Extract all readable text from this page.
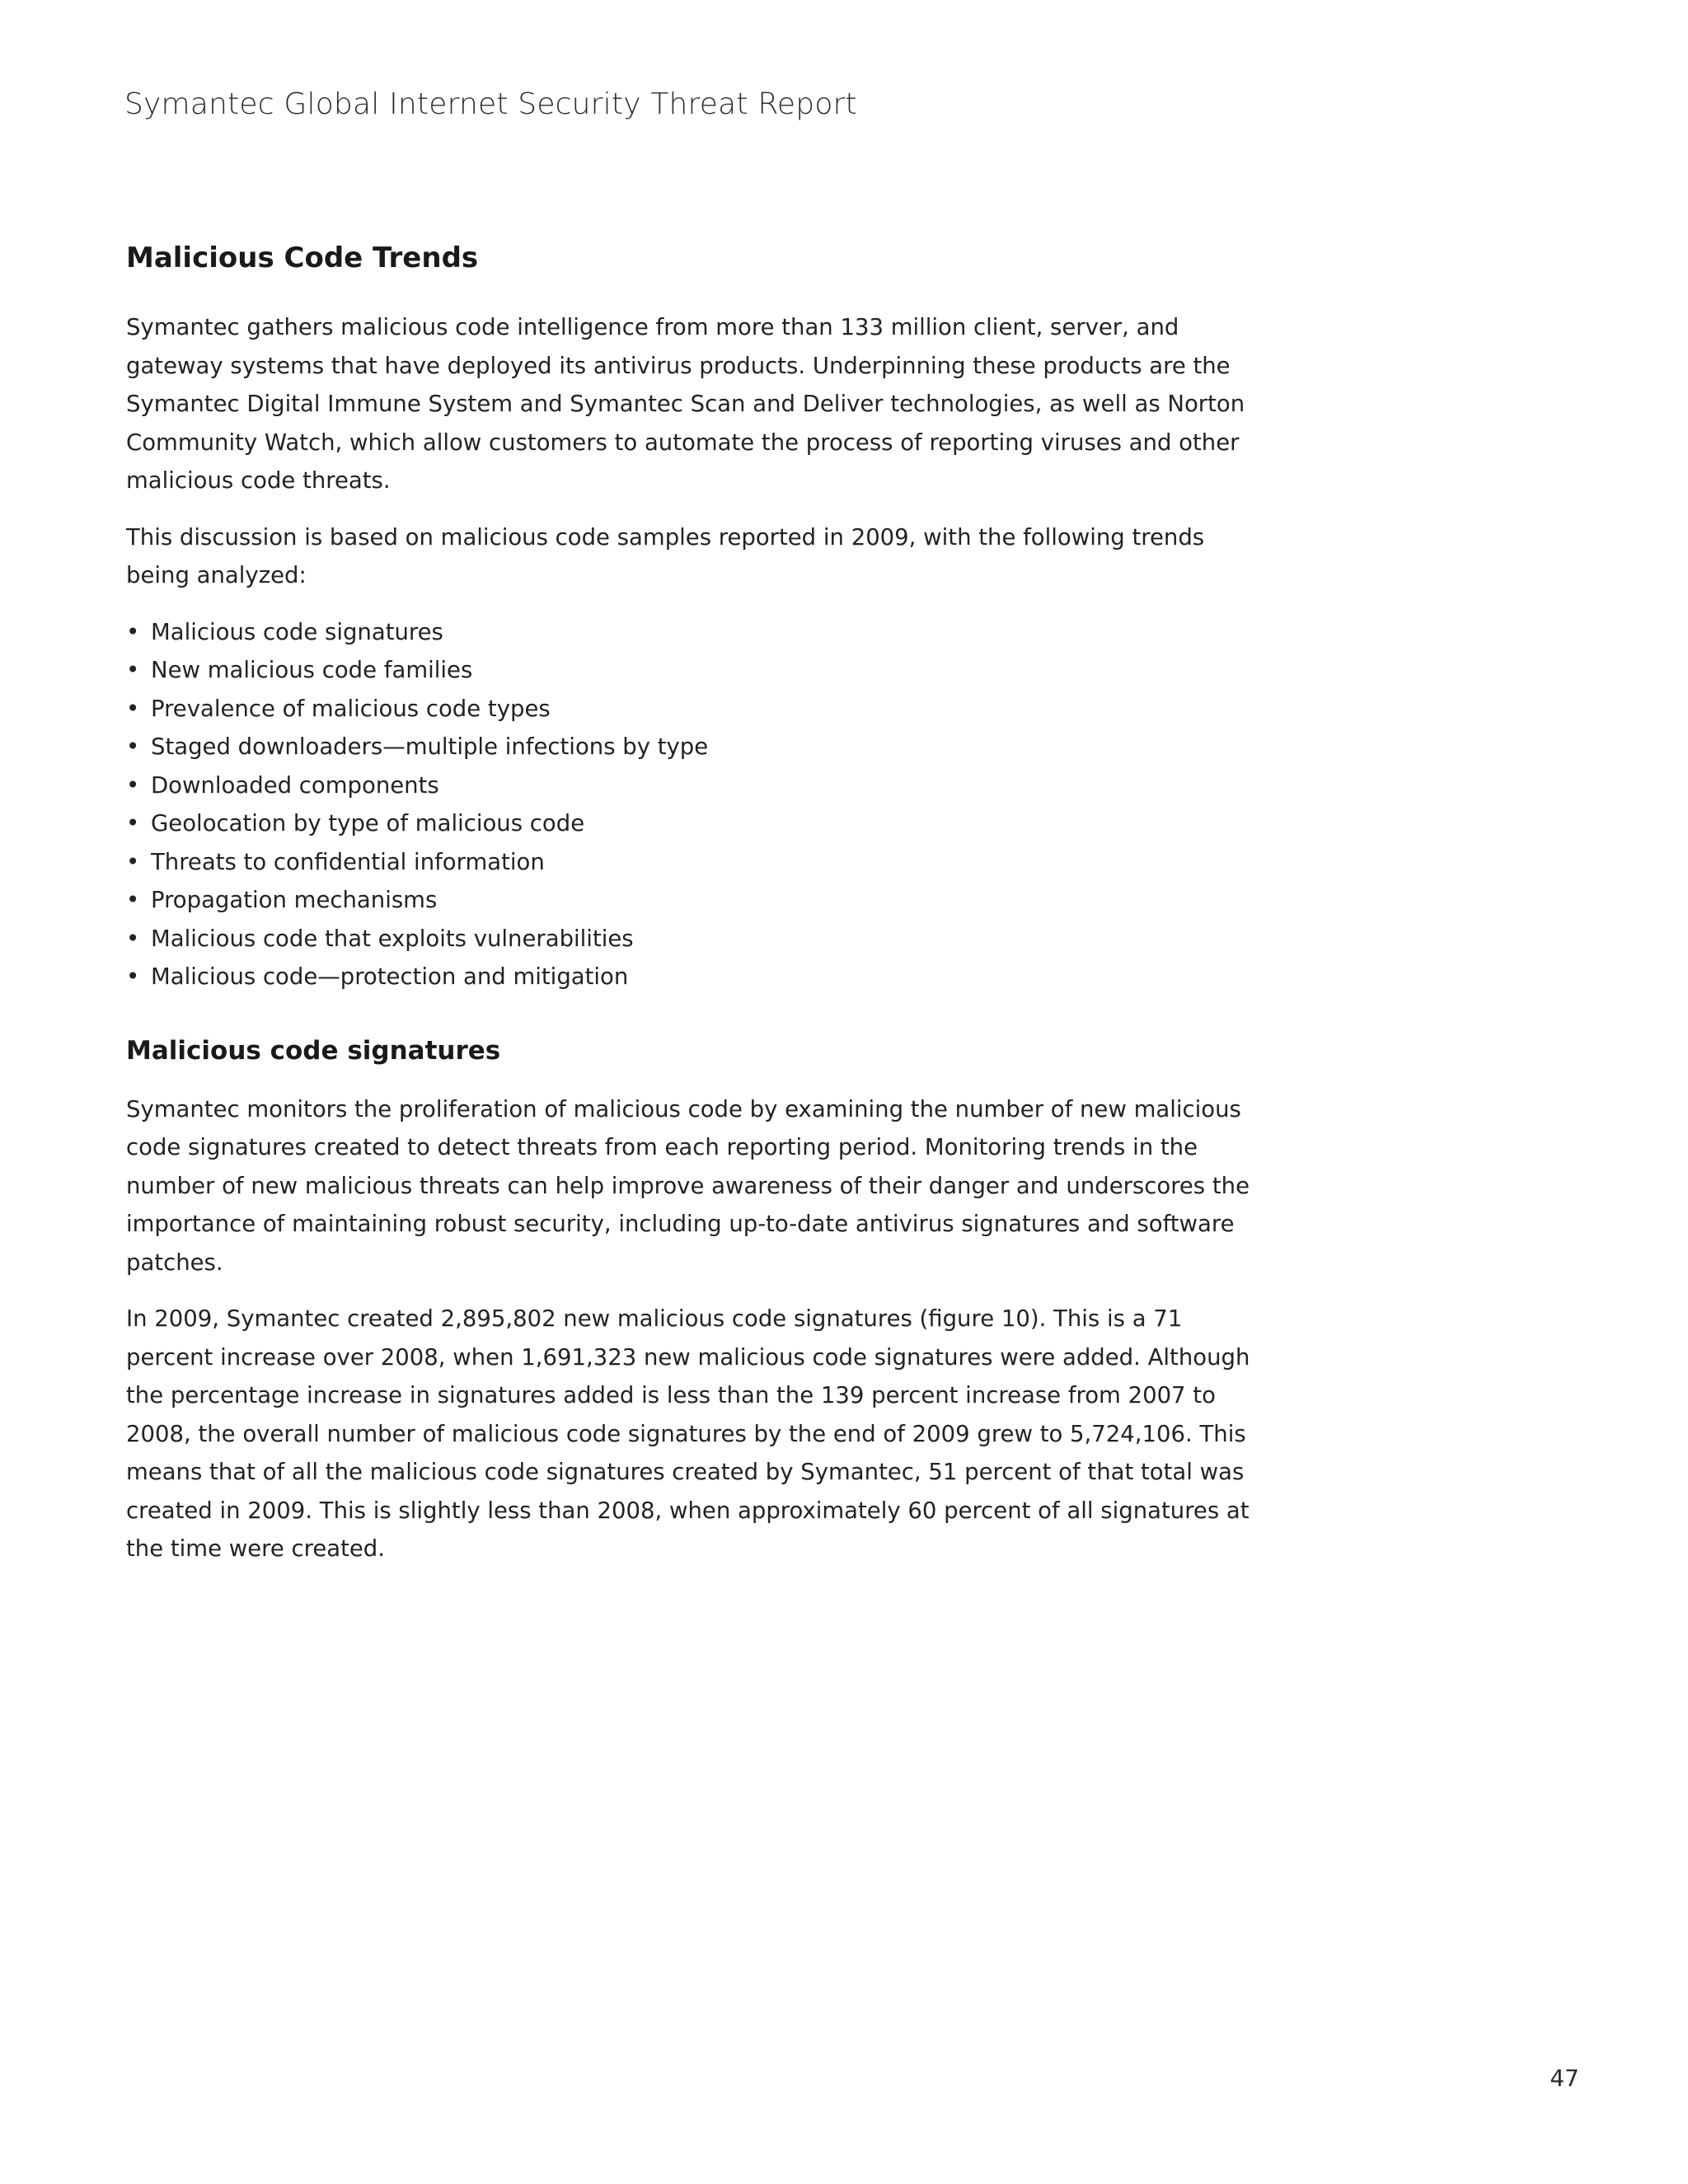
Symantec Global Internet Security Threat Report
Malicious Code Trends

Symantec gathers malicious code intelligence from more than 133 million client, server, and gateway systems that have deployed its antivirus products. Underpinning these products are the Symantec Digital Immune System and Symantec Scan and Deliver technologies, as well as Norton Community Watch, which allow customers to automate the process of reporting viruses and other malicious code threats.

This discussion is based on malicious code samples reported in 2009, with the following trends being analyzed:

• Malicious code signatures
• New malicious code families
• Prevalence of malicious code types
• Staged downloaders—multiple infections by type
• Downloaded components
• Geolocation by type of malicious code
• Threats to confidential information
• Propagation mechanisms
• Malicious code that exploits vulnerabilities
• Malicious code—protection and mitigation
Malicious code signatures

Symantec monitors the proliferation of malicious code by examining the number of new malicious code signatures created to detect threats from each reporting period. Monitoring trends in the number of new malicious threats can help improve awareness of their danger and underscores the importance of maintaining robust security, including up-to-date antivirus signatures and software patches.

In 2009, Symantec created 2,895,802 new malicious code signatures (figure 10). This is a 71 percent increase over 2008, when 1,691,323 new malicious code signatures were added. Although the percentage increase in signatures added is less than the 139 percent increase from 2007 to 2008, the overall number of malicious code signatures by the end of 2009 grew to 5,724,106. This means that of all the malicious code signatures created by Symantec, 51 percent of that total was created in 2009. This is slightly less than 2008, when approximately 60 percent of all signatures at the time were created.

47
